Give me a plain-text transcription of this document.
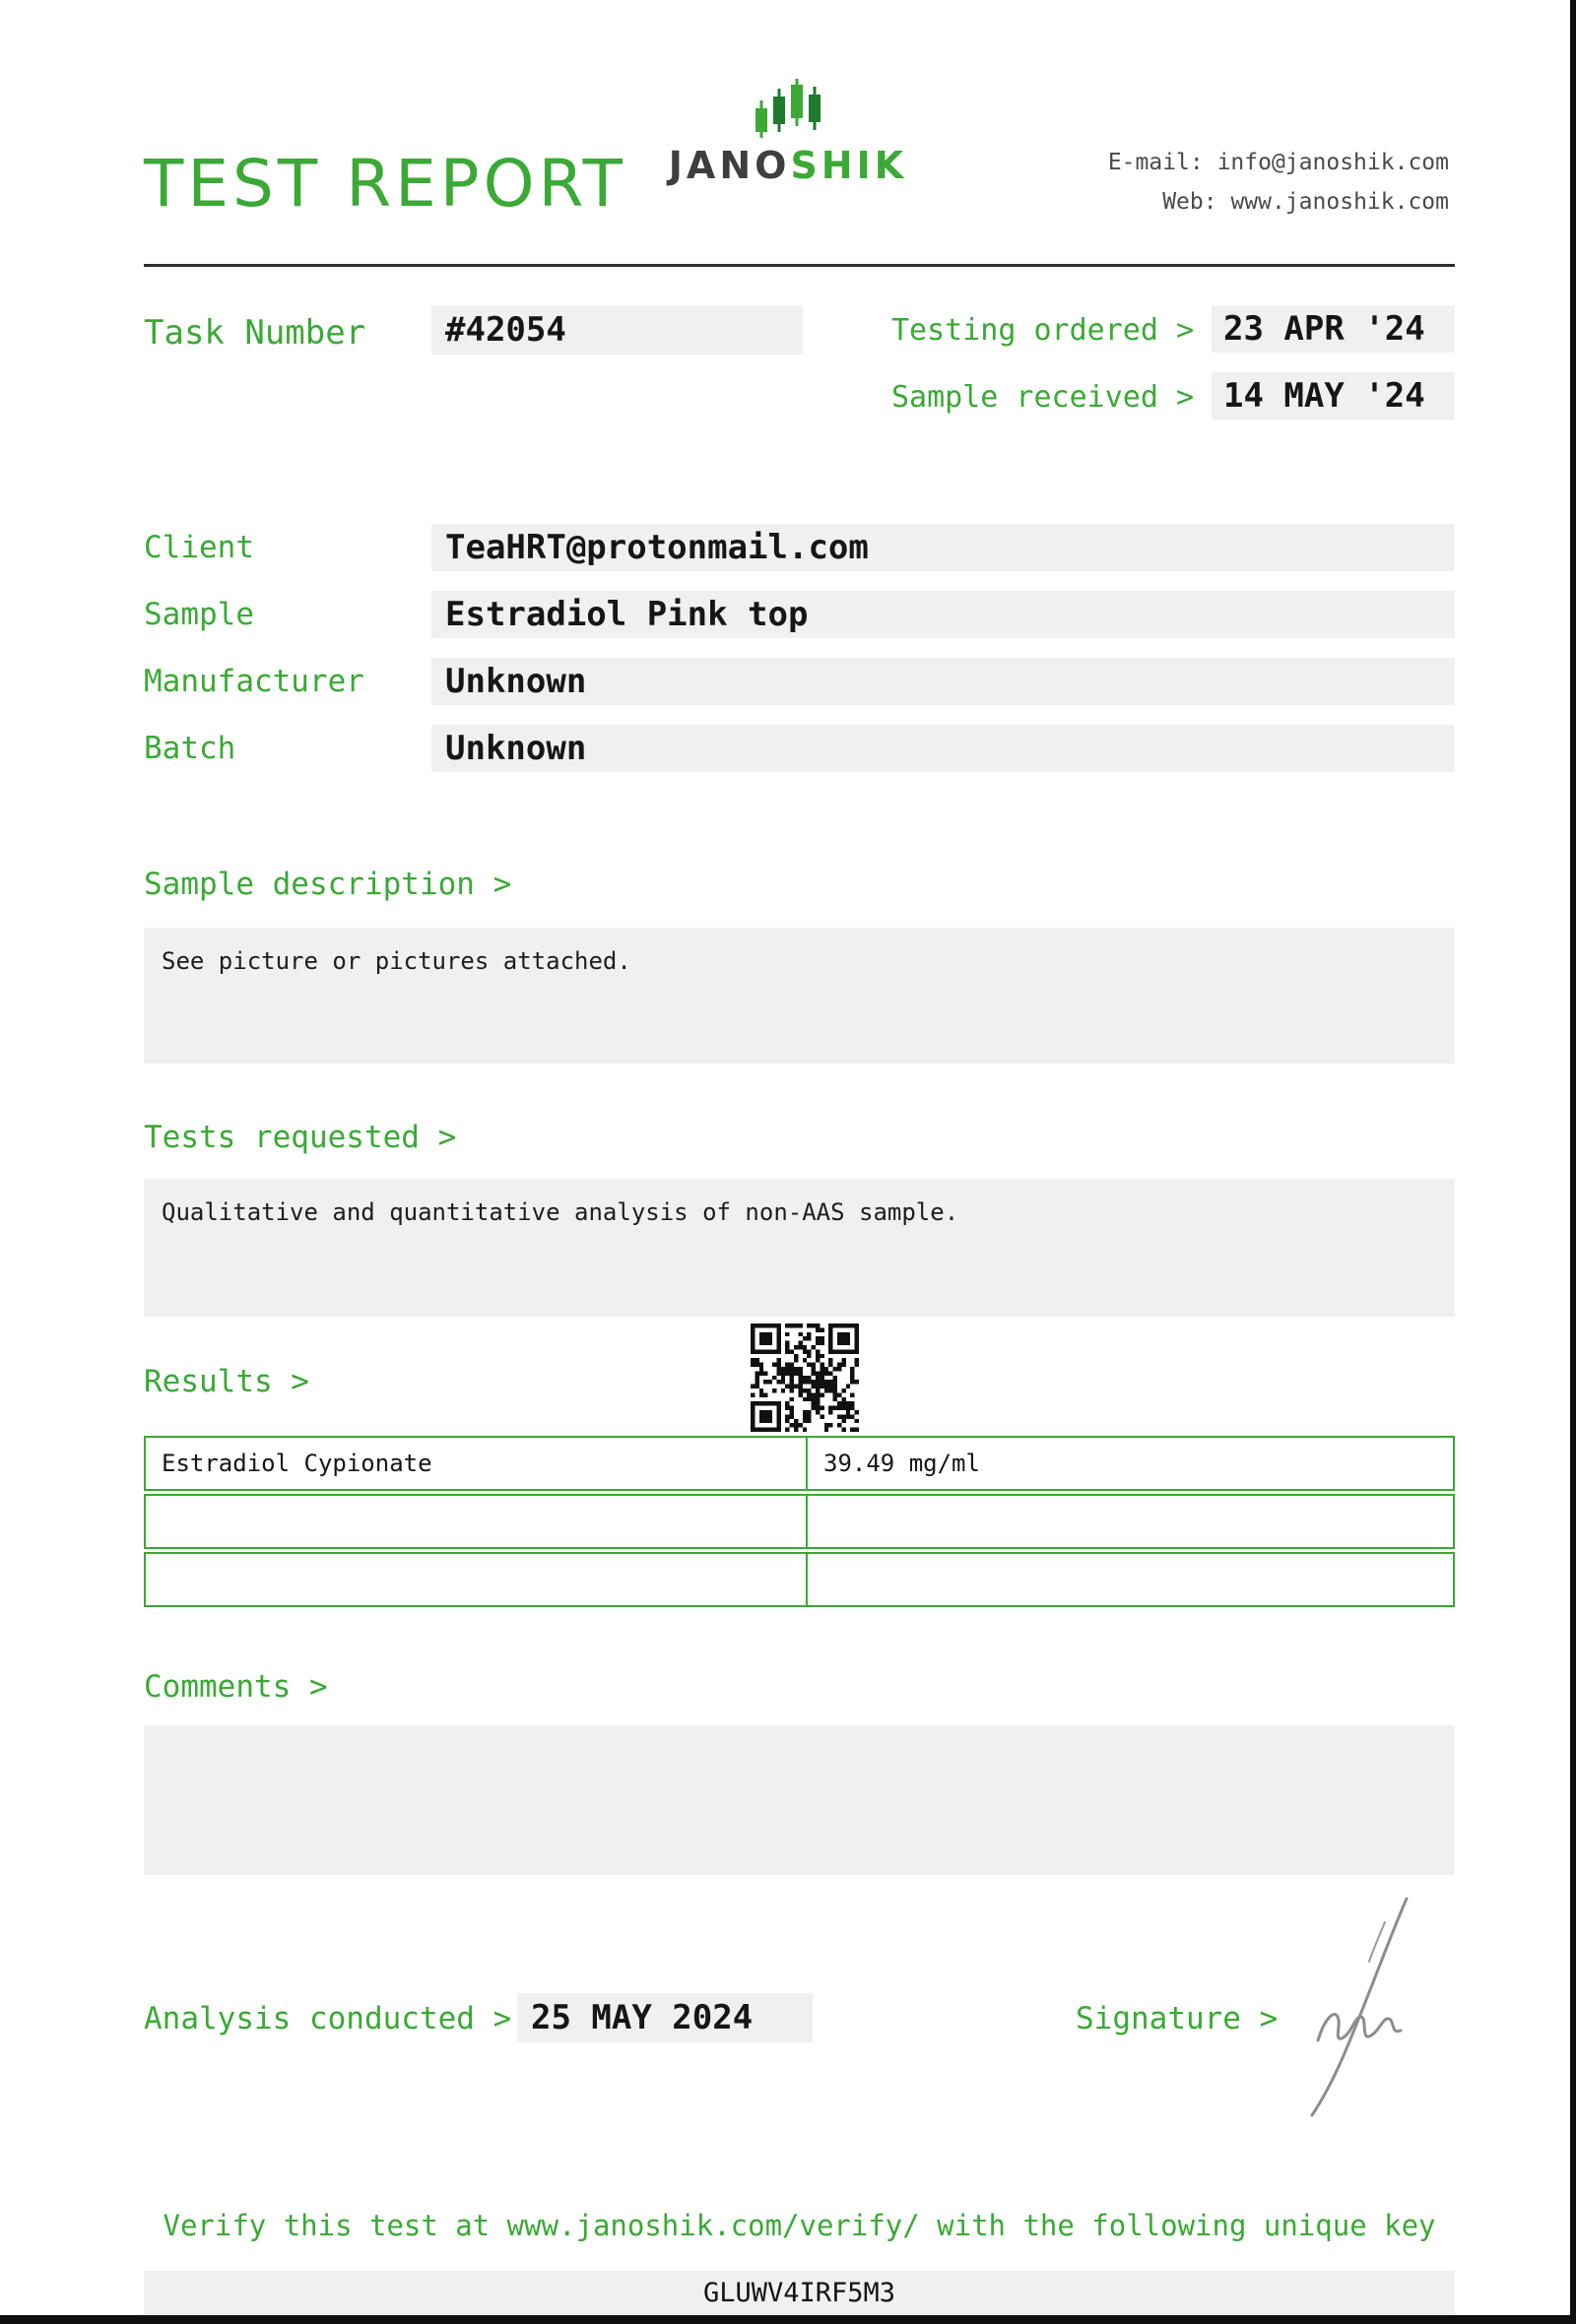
TEST REPORT	JANOSHIK	E-mail: info@janoshik.com
Web: www.janoshik.com
Task Number	#42054	Testing ordered > 23 APR '24
Sample received > 14 MAY '24
Client	TeaHRT@protonmail.com
Sample	Estradiol Pink top
Manufacturer	Unknown
Batch	Unknown
Sample description >
See picture or pictures attached.
Tests requested >
Qualitative and quantitative analysis of non-AAS sample.
Results >
Estradiol Cypionate	39.49 mg/ml
Comments >
Analysis conducted > 25 MAY 2024	Signature >
Verify this test at www.janoshik.com/verify/ with the following unique key
GLUWV4IRF5M3
